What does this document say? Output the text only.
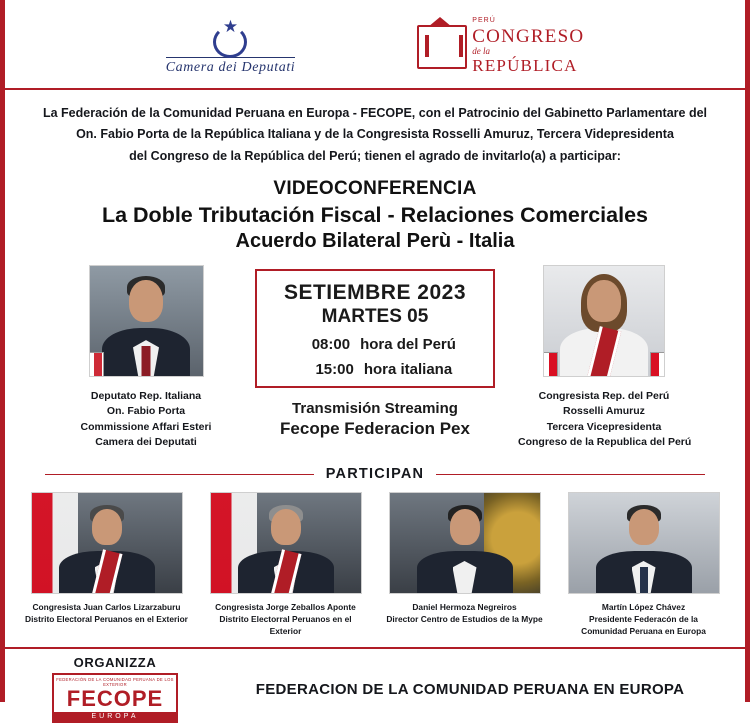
★
Camera dei Deputati
PERÚ
CONGRESO
de la
REPÚBLICA

La Federación de la Comunidad Peruana en Europa - FECOPE, con el Patrocinio del Gabinetto Parlamentare del

On. Fabio Porta de la República Italiana y de la Congresista Rosselli Amuruz, Tercera Videpresidenta

del Congreso de la República del Perú; tienen el agrado de invitarlo(a) a participar:

VIDEOCONFERENCIA
La Doble Tributación Fiscal - Relaciones Comerciales
Acuerdo Bilateral Perù - Italia
Deputato Rep. Italiana
On. Fabio Porta
Commissione Affari Esteri
Camera dei Deputati
SETIEMBRE 2023
MARTES 05
08:00 hora del Perú
15:00 hora italiana
Transmisión Streaming
Fecope Federacion Pex
Congresista Rep. del Perú
Rosselli Amuruz
Tercera Vicepresidenta
Congreso de la Republica del Perú
PARTICIPAN
Congresista Juan Carlos Lizarzaburu
Distrito Electoral Peruanos en el Exterior
Congresista Jorge Zeballos Aponte
Distrito Electorral Peruanos en el Exterior
Daniel Hermoza Negreiros
Director Centro de Estudios de la Mype
Martín López Chávez
Presidente Federacón de la
Comunidad Peruana en Europa
ORGANIZZA
FEDERACIÓN DE LA COMUNIDAD PERUANA DE LOS EXTERIOR
FECOPE
EUROPA
FEDERACION DE LA COMUNIDAD PERUANA EN EUROPA
